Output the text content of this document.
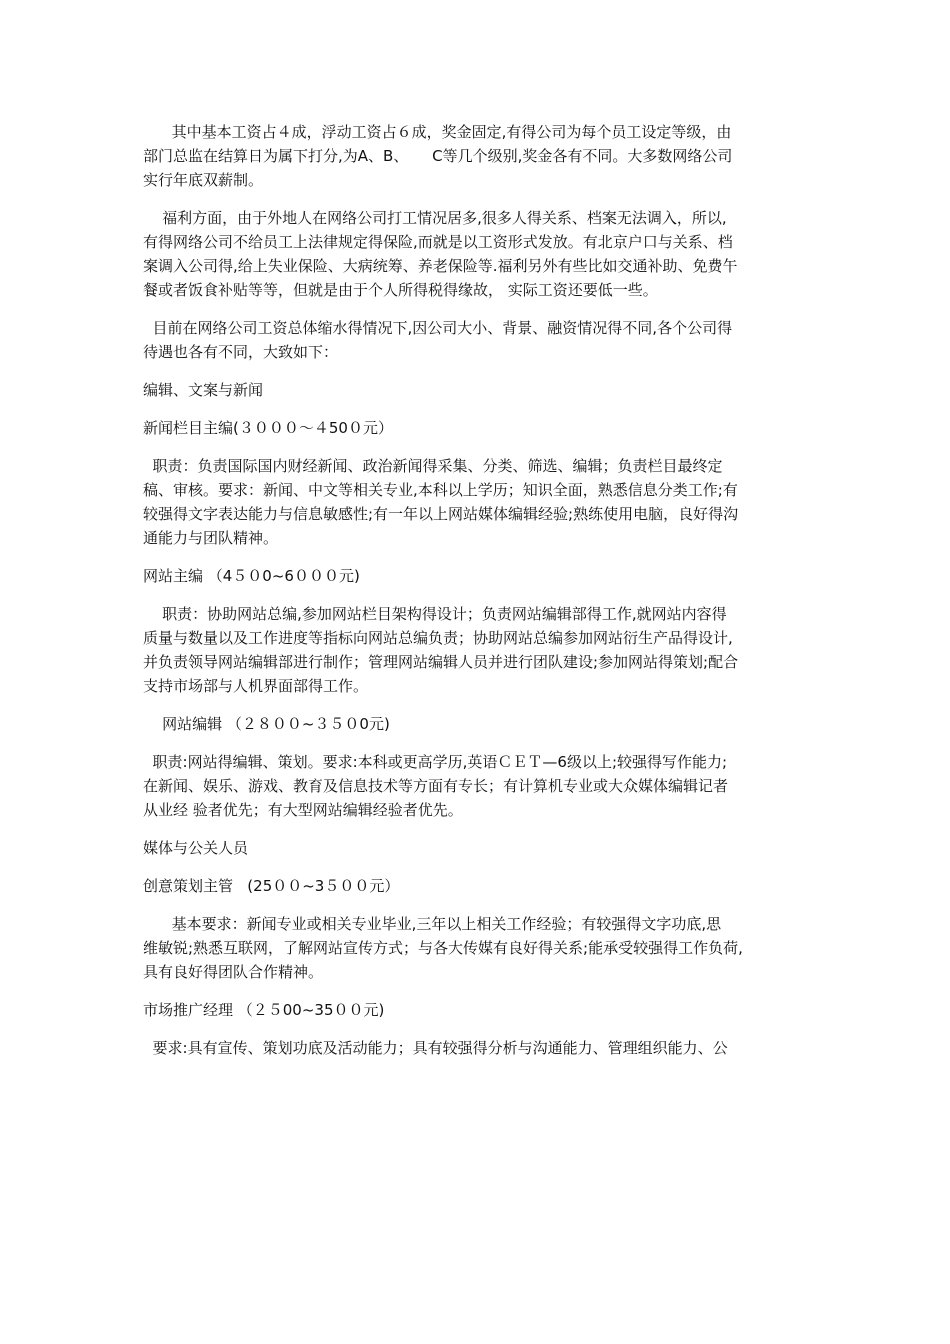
其中基本工资占４成，浮动工资占６成，奖金固定,有得公司为每个员工设定等级，由
部门总监在结算日为属下打分,为A、B、     C等几个级别,奖金各有不同。大多数网络公司
实行年底双薪制。
福利方面，由于外地人在网络公司打工情况居多,很多人得关系、档案无法调入，所以,
有得网络公司不给员工上法律规定得保险,而就是以工资形式发放。有北京户口与关系、档
案调入公司得,给上失业保险、大病统筹、养老保险等.福利另外有些比如交通补助、免费午
餐或者饭食补贴等等，但就是由于个人所得税得缘故， 实际工资还要低一些。
目前在网络公司工资总体缩水得情况下,因公司大小、背景、融资情况得不同,各个公司得
待遇也各有不同，大致如下：
编辑、文案与新闻
新闻栏目主编(３０００～４50０元）
职责：负责国际国内财经新闻、政治新闻得采集、分类、筛选、编辑；负责栏目最终定
稿、审核。要求：新闻、中文等相关专业,本科以上学历；知识全面，熟悉信息分类工作;有
较强得文字表达能力与信息敏感性;有一年以上网站媒体编辑经验;熟练使用电脑，良好得沟
通能力与团队精神。
网站主编 （4５０0~6０００元)
职责：协助网站总编,参加网站栏目架构得设计；负责网站编辑部得工作,就网站内容得
质量与数量以及工作进度等指标向网站总编负责；协助网站总编参加网站衍生产品得设计,
并负责领导网站编辑部进行制作；管理网站编辑人员并进行团队建设;参加网站得策划;配合
支持市场部与人机界面部得工作。
网站编辑 （２８００~３５０0元)
职责:网站得编辑、策划。要求:本科或更高学历,英语ＣＥＴ—6级以上;较强得写作能力;
在新闻、娱乐、游戏、教育及信息技术等方面有专长；有计算机专业或大众媒体编辑记者
从业经 验者优先；有大型网站编辑经验者优先。
媒体与公关人员
创意策划主管   (25００~3５００元）
基本要求：新闻专业或相关专业毕业,三年以上相关工作经验；有较强得文字功底,思
维敏锐;熟悉互联网，了解网站宣传方式；与各大传媒有良好得关系;能承受较强得工作负荷,
具有良好得团队合作精神。
市场推广经理 （２５00~35００元)
要求:具有宣传、策划功底及活动能力；具有较强得分析与沟通能力、管理组织能力、公
